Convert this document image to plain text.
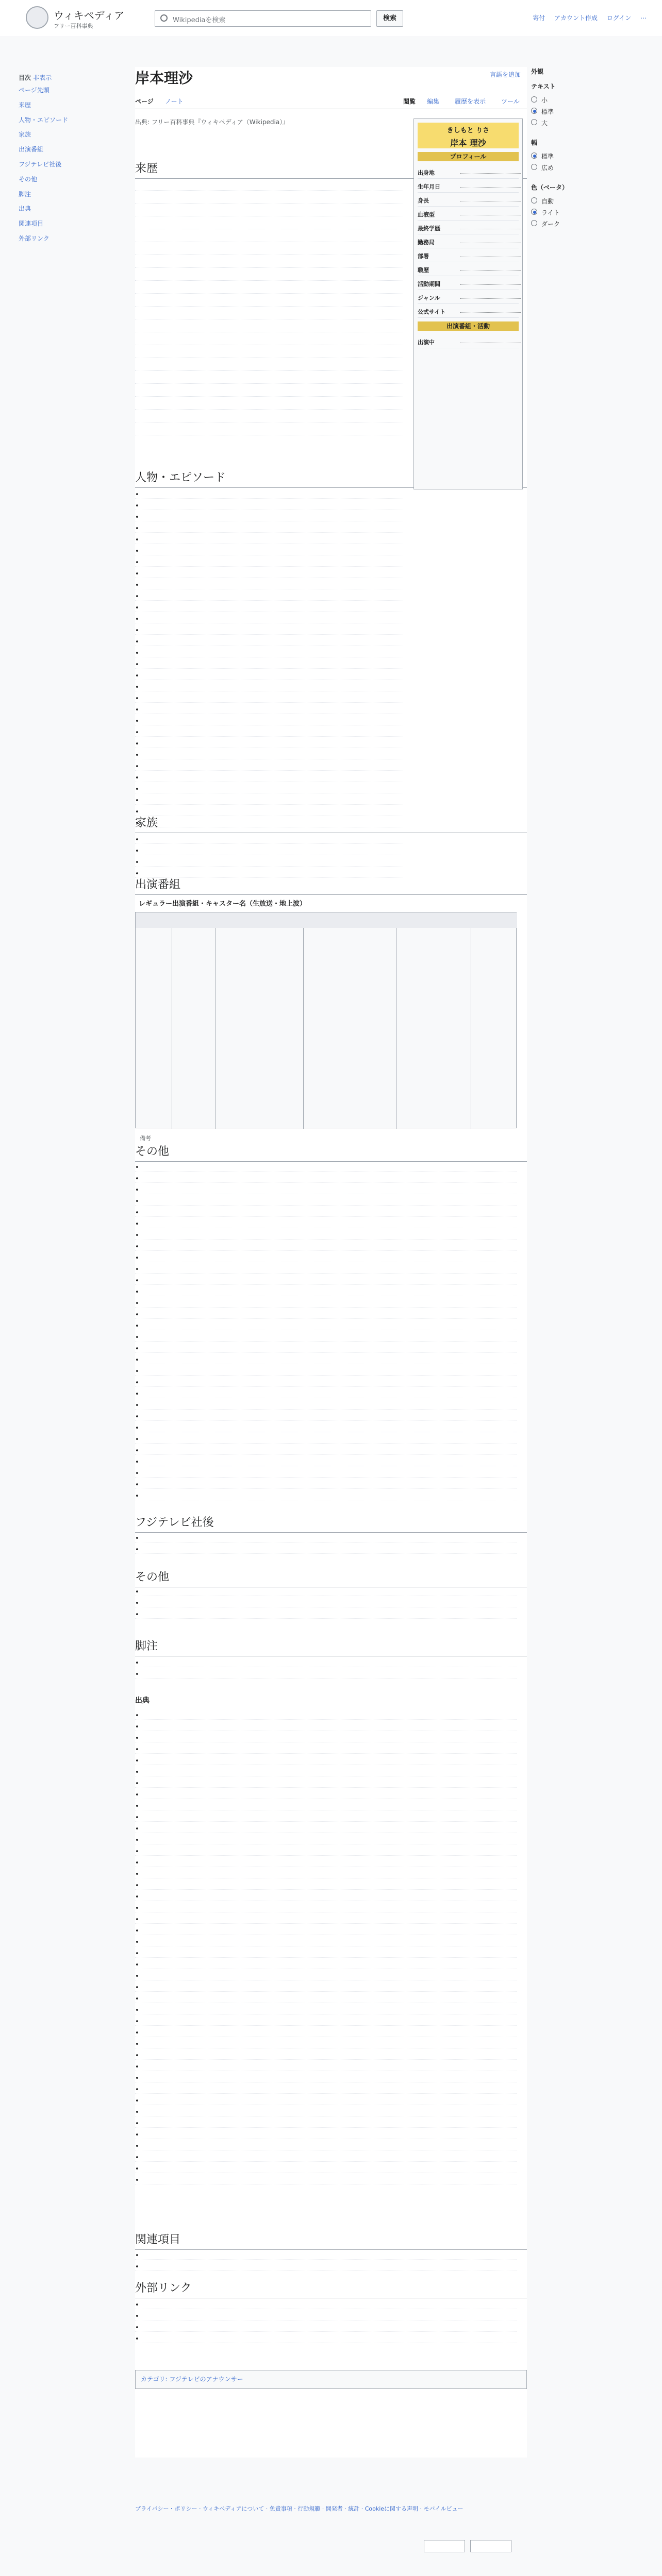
ウィキペディア
フリー百科事典
Wikipediaを検索	検索	寄付 アカウント作成 ログイン ⋯
目次 非表示
ページ先頭
来歴
人物・エピソード
家族
出演番組
フジテレビ社後
その他
脚注
出典
関連項目
外部リンク
岸本理沙	言語を追加
ページ ノート	閲覧 編集 履歴を表示 ツール
出典: フリー百科事典『ウィキペディア（Wikipedia）』
来歴
人物・エピソード
•
•
•
•
•
•
•
•
•
•
•
•
•
•
•
•
•
•
•
•
•
•
•
•
•
•
•
•
•
•
家族
•
•
•
•
出演番組
レギュラー出演番組・キャスター名（生放送・地上波）
備考
その他
•
•
•
•
•
•
•
•
•
•
•
•
•
•
•
•
•
•
•
•
•
•
•
•
•
•
•
•
•
•
フジテレビ社後
•
•
その他
•
•
•
脚注
•
•
出典
•
•
•
•
•
•
•
•
•
•
•
•
•
•
•
•
•
•
•
•
•
•
•
•
•
•
•
•
•
•
•
•
•
•
•
•
•
•
•
•
•
•
関連項目
•
•
外部リンク
•
•
•
•
カテゴリ: フジテレビのアナウンサー
きしもと りさ
岸本 理沙
プロフィール
出身地
生年月日
身長
血液型
最終学歴
勤務局
部署
職歴
活動期間
ジャンル
公式サイト
出演番組・活動
出演中
外観
テキスト
小
標準
大
幅
標準
広め
色（ベータ）
自動
ライト
ダーク
プライバシー・ポリシー · ウィキペディアについて · 免責事項 · 行動規範 · 開発者 · 統計 · Cookieに関する声明 · モバイルビュー
